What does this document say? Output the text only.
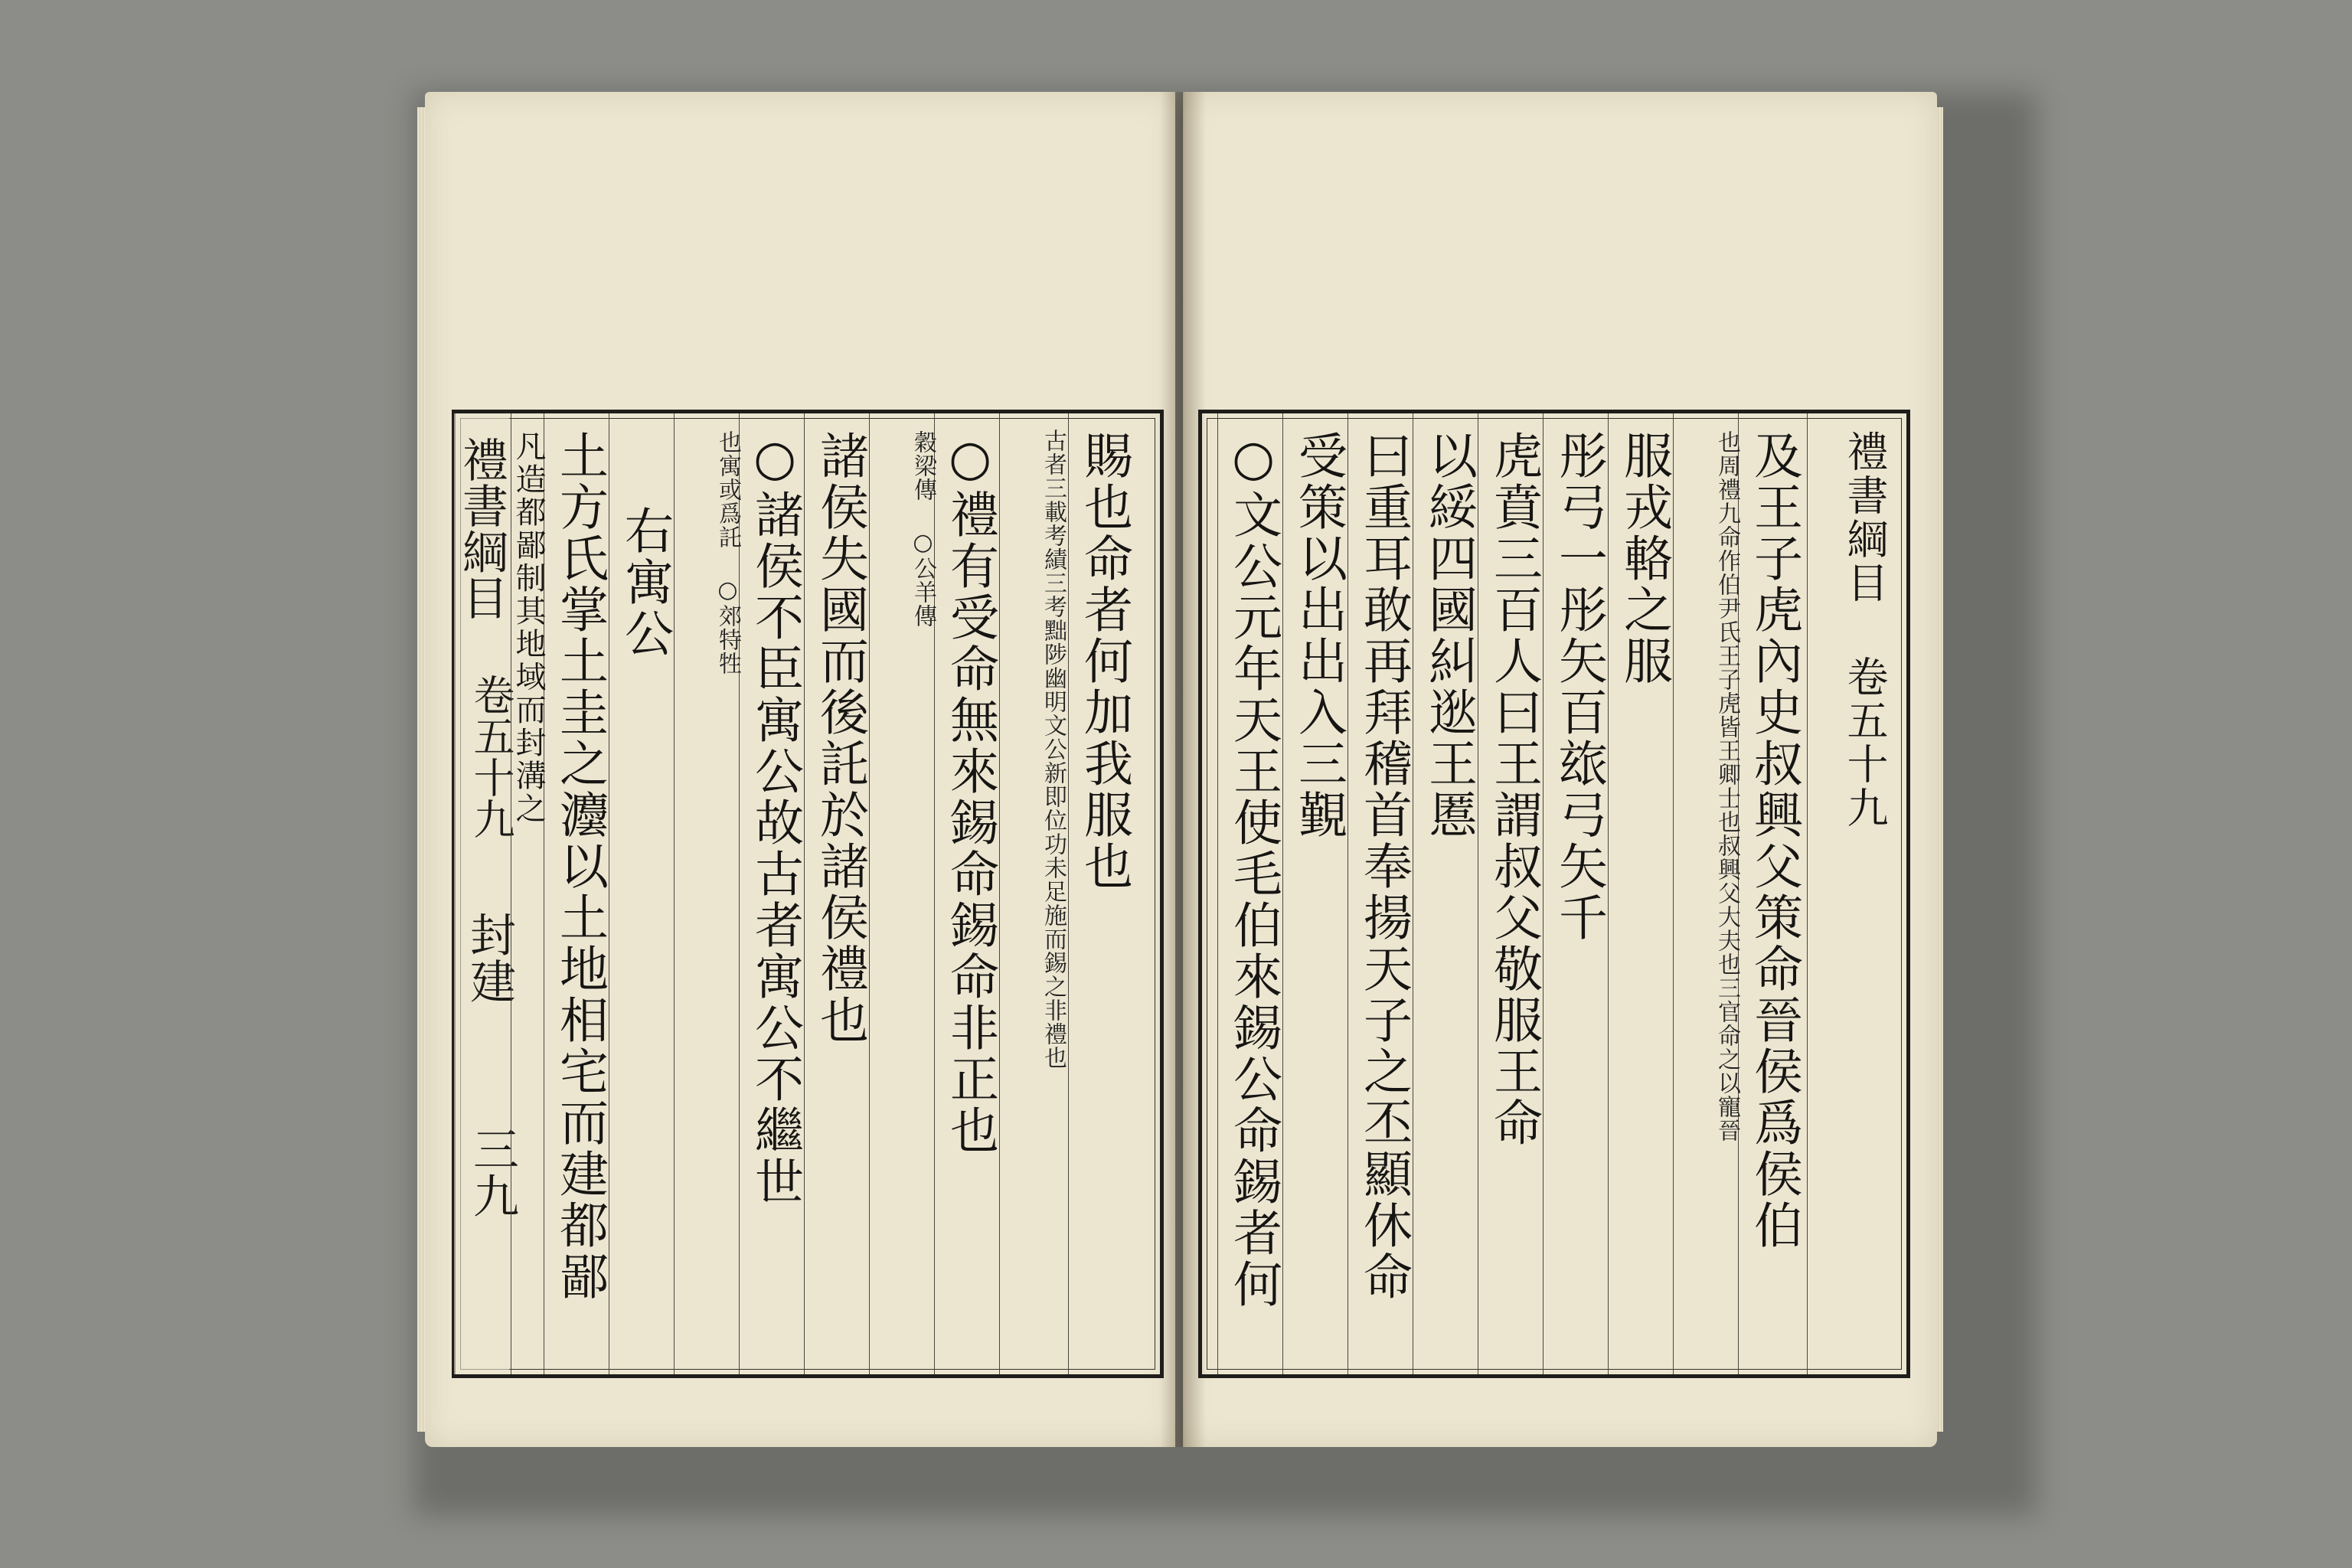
禮書綱目
卷五十九
封建
三九
賜也命者何加我服也
古者三載考績三考黜陟幽明文公新即位功未足施而錫之非禮也
○禮有受命無來錫命錫命非正也
穀梁傳 ○公羊傳
諸侯失國而後託於諸侯禮也
○諸侯不臣寓公故古者寓公不繼世
也寓或爲託 ○郊特牲
右寓公
土方氏掌土圭之灋以土地相宅而建都鄙
凡造都鄙制其地域而封溝之	禮書綱目 卷五十九
及王子虎內史叔興父策命晉侯爲侯伯
也周禮九命作伯尹氏王子虎皆王卿士也叔興父大夫也三官命之以寵晉
服戎輅之服
彤弓一彤矢百玈弓矢千
虎賁三百人曰王謂叔父敬服王命
以綏四國糾逖王慝
曰重耳敢再拜稽首奉揚天子之丕顯休命
受策以出出入三覲
○文公元年天王使毛伯來錫公命錫者何
